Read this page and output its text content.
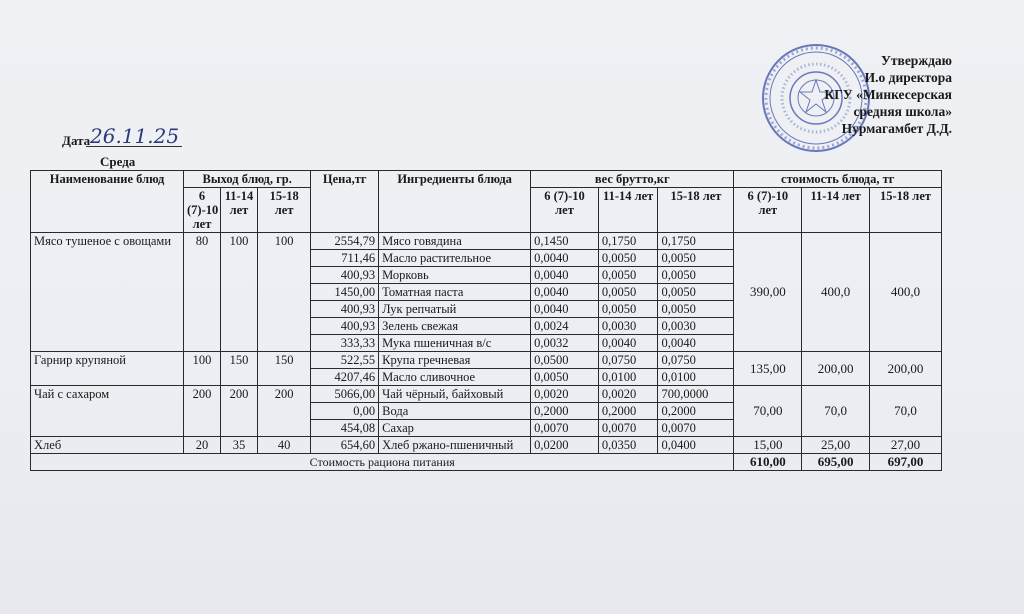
Утверждаю
И.о директора
КГУ «Минкесерская
средняя школа»
Нурмагамбет Д.Д.
Дата 26.11.25
Среда
Наименование блюд	Выход блюд, гр.			Цена,тг	Ингредиенты блюда	вес брутто,кг			стоимость блюда, тг		
	6 (7)-10 лет	11-14 лет	15-18 лет			6 (7)-10 лет	11-14 лет	15-18 лет	6 (7)-10 лет	11-14 лет	15-18 лет
Мясо тушеное с овощами	80	100	100	2554,79	Мясо говядина	0,1450	0,1750	0,1750	390,00	400,0	400,0
				711,46	Масло растительное	0,0040	0,0050	0,0050			
				400,93	Морковь	0,0040	0,0050	0,0050			
				1450,00	Томатная паста	0,0040	0,0050	0,0050			
				400,93	Лук репчатый	0,0040	0,0050	0,0050			
				400,93	Зелень свежая	0,0024	0,0030	0,0030			
				333,33	Мука пшеничная в/с	0,0032	0,0040	0,0040			
Гарнир крупяной	100	150	150	522,55	Крупа гречневая	0,0500	0,0750	0,0750	135,00	200,00	200,00
				4207,46	Масло сливочное	0,0050	0,0100	0,0100			
Чай с сахаром	200	200	200	5066,00	Чай чёрный, байховый	0,0020	0,0020	700,0000	70,00	70,0	70,0
				0,00	Вода	0,2000	0,2000	0,2000			
				454,08	Сахар	0,0070	0,0070	0,0070			
Хлеб	20	35	40	654,60	Хлеб ржано-пшеничный	0,0200	0,0350	0,0400	15,00	25,00	27,00
Стоимость рациона питания									610,00	695,00	697,00
